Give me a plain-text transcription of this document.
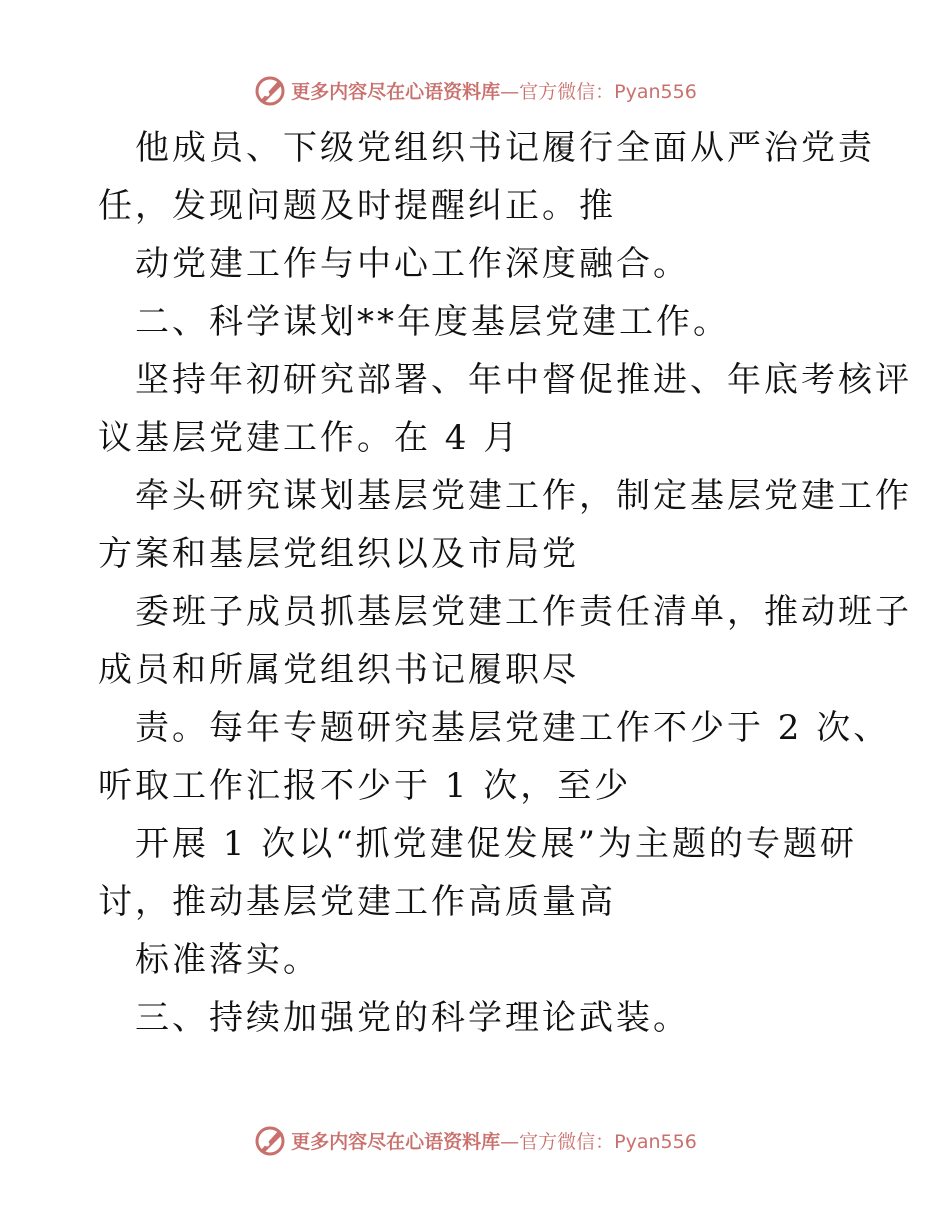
更多内容尽在心语资料库—官方微信：Pyan556
他成员、下级党组织书记履行全面从严治党责
任，发现问题及时提醒纠正。推
动党建工作与中心工作深度融合。
二、科学谋划**年度基层党建工作。
坚持年初研究部署、年中督促推进、年底考核评
议基层党建工作。在 4 月
牵头研究谋划基层党建工作，制定基层党建工作
方案和基层党组织以及市局党
委班子成员抓基层党建工作责任清单，推动班子
成员和所属党组织书记履职尽
责。每年专题研究基层党建工作不少于 2 次、
听取工作汇报不少于 1 次，至少
开展 1 次以“抓党建促发展”为主题的专题研
讨，推动基层党建工作高质量高
标准落实。
三、持续加强党的科学理论武装。
更多内容尽在心语资料库—官方微信：Pyan556
